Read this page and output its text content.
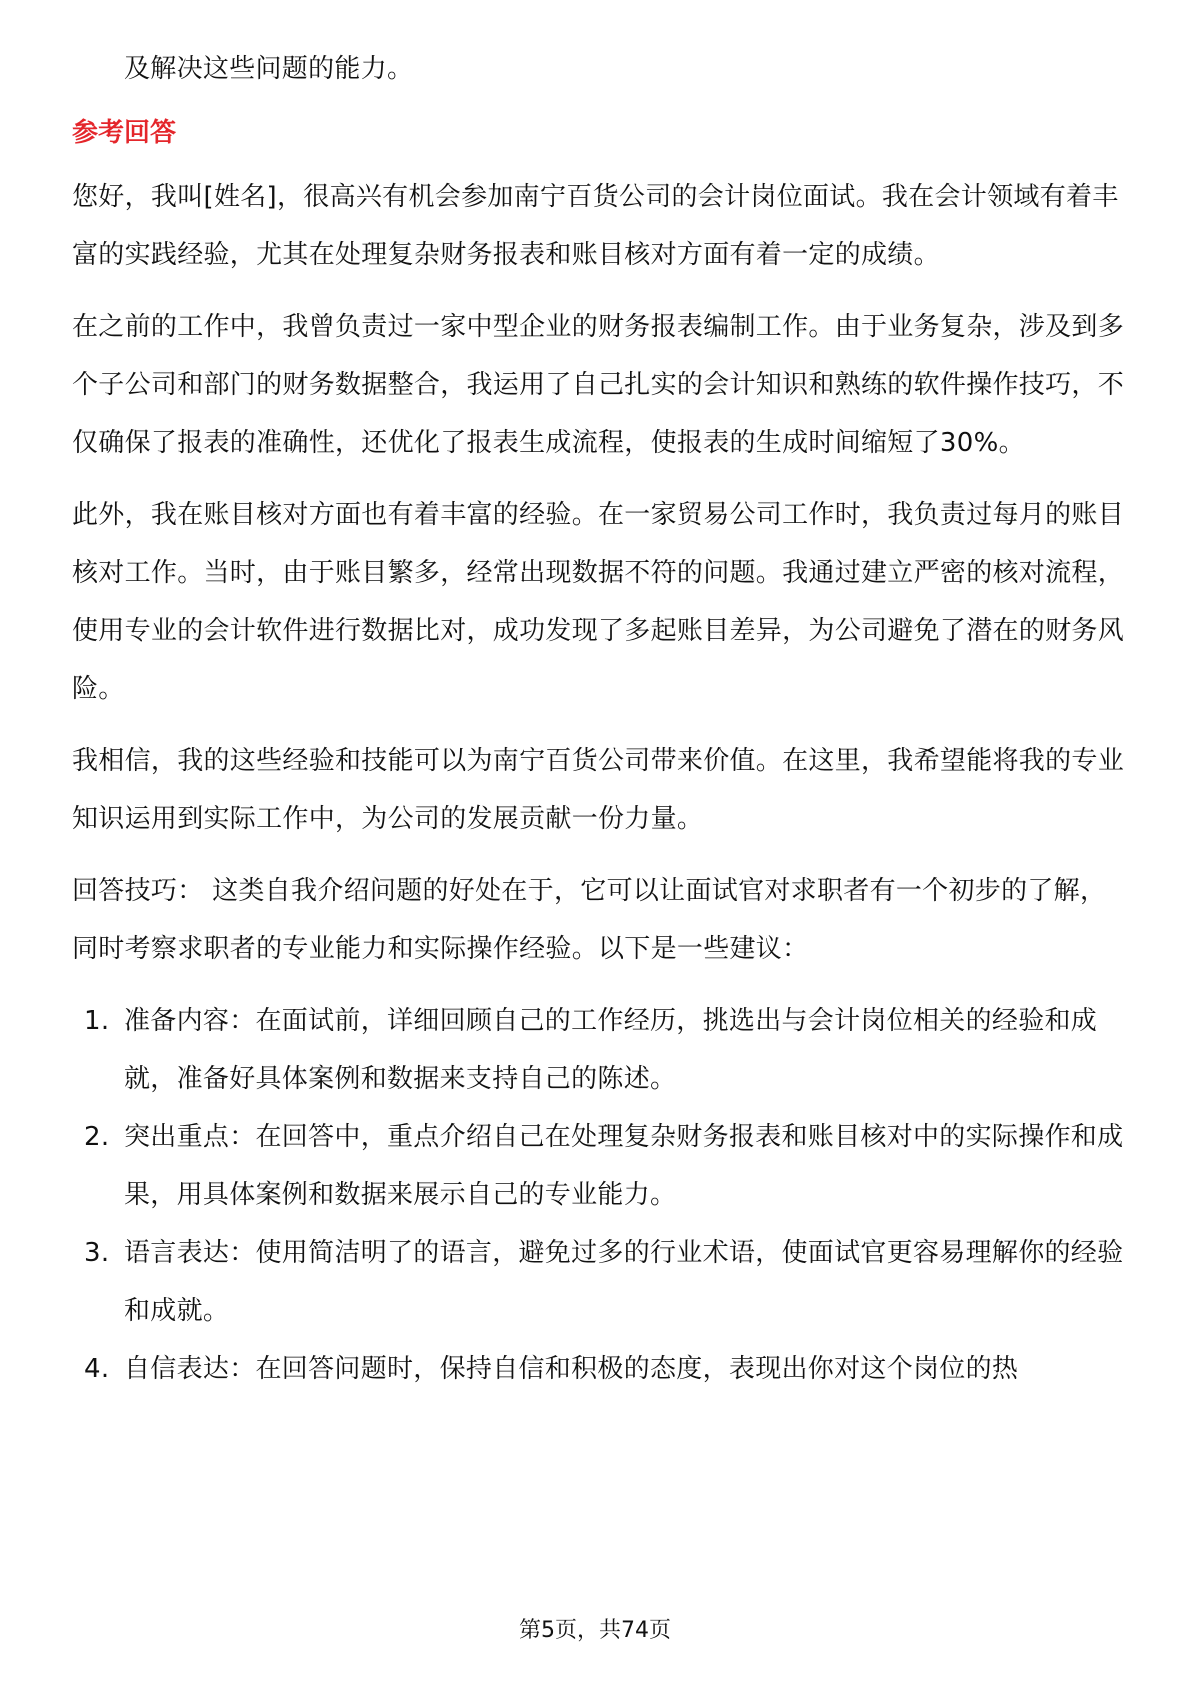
及解决这些问题的能力。

参考回答

您好，我叫[姓名]，很高兴有机会参加南宁百货公司的会计岗位面试。我在会计领域有着丰富的实践经验，尤其在处理复杂财务报表和账目核对方面有着一定的成绩。

在之前的工作中，我曾负责过一家中型企业的财务报表编制工作。由于业务复杂，涉及到多个子公司和部门的财务数据整合，我运用了自己扎实的会计知识和熟练的软件操作技巧，不仅确保了报表的准确性，还优化了报表生成流程，使报表的生成时间缩短了30%。

此外，我在账目核对方面也有着丰富的经验。在一家贸易公司工作时，我负责过每月的账目核对工作。当时，由于账目繁多，经常出现数据不符的问题。我通过建立严密的核对流程，使用专业的会计软件进行数据比对，成功发现了多起账目差异，为公司避免了潜在的财务风险。

我相信，我的这些经验和技能可以为南宁百货公司带来价值。在这里，我希望能将我的专业知识运用到实际工作中，为公司的发展贡献一份力量。

回答技巧： 这类自我介绍问题的好处在于，它可以让面试官对求职者有一个初步的了解，同时考察求职者的专业能力和实际操作经验。以下是一些建议：

1. 准备内容：在面试前，详细回顾自己的工作经历，挑选出与会计岗位相关的经验和成就，准备好具体案例和数据来支持自己的陈述。
2. 突出重点：在回答中，重点介绍自己在处理复杂财务报表和账目核对中的实际操作和成果，用具体案例和数据来展示自己的专业能力。
3. 语言表达：使用简洁明了的语言，避免过多的行业术语，使面试官更容易理解你的经验和成就。
4. 自信表达：在回答问题时，保持自信和积极的态度，表现出你对这个岗位的热
第5页，共74页
